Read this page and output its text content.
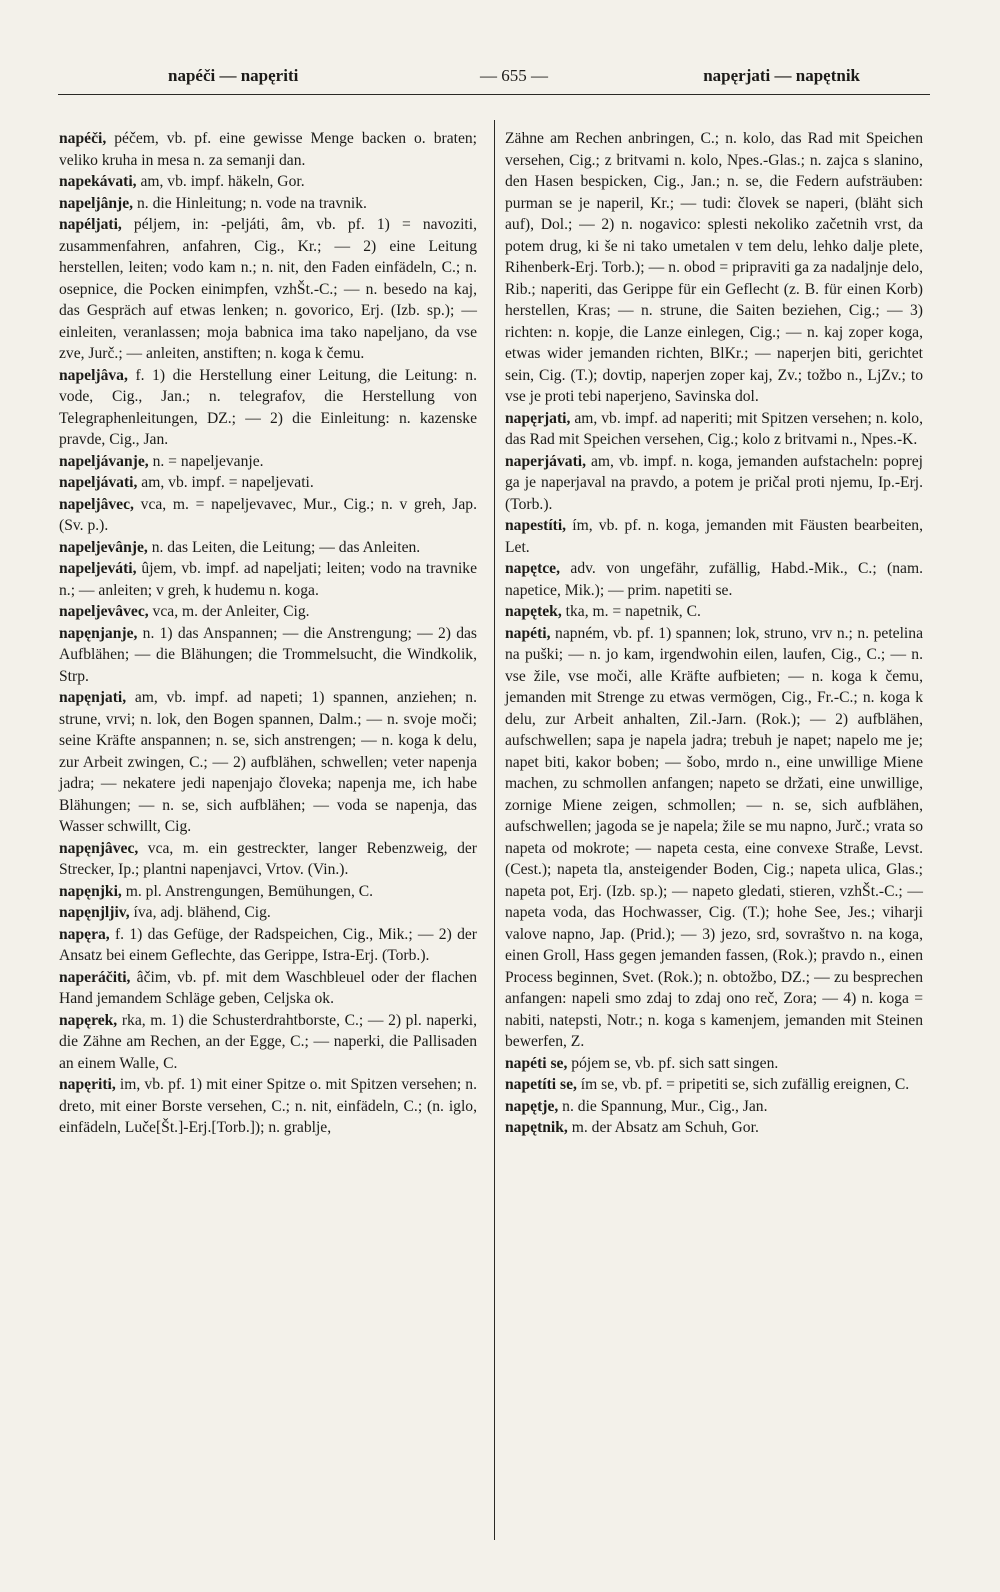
napéči — napęriti	— 655 —	napęrjati — napętnik

napéči, péčem, vb. pf. eine gewisse Menge backen o. braten; veliko kruha in mesa n. za semanji dan.

napekávati, am, vb. impf. häkeln, Gor.

napeljânje, n. die Hinleitung; n. vode na travnik.

napéljati, péljem, in: -peljáti, âm, vb. pf. 1) = navoziti, zusammenfahren, anfahren, Cig., Kr.; — 2) eine Leitung herstellen, leiten; vodo kam n.; n. nit, den Faden einfädeln, C.; n. osepnice, die Pocken einimpfen, vzhŠt.-C.; — n. besedo na kaj, das Gespräch auf etwas lenken; n. govorico, Erj. (Izb. sp.); — einleiten, veranlassen; moja babnica ima tako napeljano, da vse zve, Jurč.; — anleiten, anstiften; n. koga k čemu.

napeljâva, f. 1) die Herstellung einer Leitung, die Leitung: n. vode, Cig., Jan.; n. telegrafov, die Herstellung von Telegraphenleitungen, DZ.; — 2) die Einleitung: n. kazenske pravde, Cig., Jan.

napeljávanje, n. = napeljevanje.

napeljávati, am, vb. impf. = napeljevati.

napeljâvec, vca, m. = napeljevavec, Mur., Cig.; n. v greh, Jap. (Sv. p.).

napeljevânje, n. das Leiten, die Leitung; — das Anleiten.

napeljeváti, ûjem, vb. impf. ad napeljati; leiten; vodo na travnike n.; — anleiten; v greh, k hudemu n. koga.

napeljevâvec, vca, m. der Anleiter, Cig.

napęnjanje, n. 1) das Anspannen; — die Anstrengung; — 2) das Aufblähen; — die Blähungen; die Trommelsucht, die Windkolik, Strp.

napęnjati, am, vb. impf. ad napeti; 1) spannen, anziehen; n. strune, vrvi; n. lok, den Bogen spannen, Dalm.; — n. svoje moči; seine Kräfte anspannen; n. se, sich anstrengen; — n. koga k delu, zur Arbeit zwingen, C.; — 2) aufblähen, schwellen; veter napenja jadra; — nekatere jedi napenjajo človeka; napenja me, ich habe Blähungen; — n. se, sich aufblähen; — voda se napenja, das Wasser schwillt, Cig.

napęnjâvec, vca, m. ein gestreckter, langer Rebenzweig, der Strecker, Ip.; plantni napenjavci, Vrtov. (Vin.).

napęnjki, m. pl. Anstrengungen, Bemühungen, C.

napęnjljiv, íva, adj. blähend, Cig.

napęra, f. 1) das Gefüge, der Radspeichen, Cig., Mik.; — 2) der Ansatz bei einem Geflechte, das Gerippe, Istra-Erj. (Torb.).

naperáčiti, âčim, vb. pf. mit dem Waschbleuel oder der flachen Hand jemandem Schläge geben, Celjska ok.

napęrek, rka, m. 1) die Schusterdrahtborste, C.; — 2) pl. naperki, die Zähne am Rechen, an der Egge, C.; — naperki, die Pallisaden an einem Walle, C.

napęriti, im, vb. pf. 1) mit einer Spitze o. mit Spitzen versehen; n. dreto, mit einer Borste versehen, C.; n. nit, einfädeln, C.; (n. iglo, einfädeln, Luče[Št.]-Erj.[Torb.]); n. grablje,

Zähne am Rechen anbringen, C.; n. kolo, das Rad mit Speichen versehen, Cig.; z britvami n. kolo, Npes.-Glas.; n. zajca s slanino, den Hasen bespicken, Cig., Jan.; n. se, die Federn aufsträuben: purman se je naperil, Kr.; — tudi: človek se naperi, (bläht sich auf), Dol.; — 2) n. nogavico: splesti nekoliko začetnih vrst, da potem drug, ki še ni tako umetalen v tem delu, lehko dalje plete, Rihenberk-Erj. Torb.); — n. obod = pripraviti ga za nadaljnje delo, Rib.; naperiti, das Gerippe für ein Geflecht (z. B. für einen Korb) herstellen, Kras; — n. strune, die Saiten beziehen, Cig.; — 3) richten: n. kopje, die Lanze einlegen, Cig.; — n. kaj zoper koga, etwas wider jemanden richten, BlKr.; — naperjen biti, gerichtet sein, Cig. (T.); dovtip, naperjen zoper kaj, Zv.; tožbo n., LjZv.; to vse je proti tebi naperjeno, Savinska dol.

napęrjati, am, vb. impf. ad naperiti; mit Spitzen versehen; n. kolo, das Rad mit Speichen versehen, Cig.; kolo z britvami n., Npes.-K.

naperjávati, am, vb. impf. n. koga, jemanden aufstacheln: poprej ga je naperjaval na pravdo, a potem je pričal proti njemu, Ip.-Erj. (Torb.).

napestíti, ím, vb. pf. n. koga, jemanden mit Fäusten bearbeiten, Let.

napętce, adv. von ungefähr, zufällig, Habd.-Mik., C.; (nam. napetice, Mik.); — prim. napetiti se.

napętek, tka, m. = napetnik, C.

napéti, napném, vb. pf. 1) spannen; lok, struno, vrv n.; n. petelina na puški; — n. jo kam, irgendwohin eilen, laufen, Cig., C.; — n. vse žile, vse moči, alle Kräfte aufbieten; — n. koga k čemu, jemanden mit Strenge zu etwas vermögen, Cig., Fr.-C.; n. koga k delu, zur Arbeit anhalten, Zil.-Jarn. (Rok.); — 2) aufblähen, aufschwellen; sapa je napela jadra; trebuh je napet; napelo me je; napet biti, kakor boben; — šobo, mrdo n., eine unwillige Miene machen, zu schmollen anfangen; napeto se držati, eine unwillige, zornige Miene zeigen, schmollen; — n. se, sich aufblähen, aufschwellen; jagoda se je napela; žile se mu napno, Jurč.; vrata so napeta od mokrote; — napeta cesta, eine convexe Straße, Levst. (Cest.); napeta tla, ansteigender Boden, Cig.; napeta ulica, Glas.; napeta pot, Erj. (Izb. sp.); — napeto gledati, stieren, vzhŠt.-C.; — napeta voda, das Hochwasser, Cig. (T.); hohe See, Jes.; viharji valove napno, Jap. (Prid.); — 3) jezo, srd, sovraštvo n. na koga, einen Groll, Hass gegen jemanden fassen, (Rok.); pravdo n., einen Process beginnen, Svet. (Rok.); n. obtožbo, DZ.; — zu besprechen anfangen: napeli smo zdaj to zdaj ono reč, Zora; — 4) n. koga = nabiti, natepsti, Notr.; n. koga s kamenjem, jemanden mit Steinen bewerfen, Z.

napéti se, pójem se, vb. pf. sich satt singen.

napetíti se, ím se, vb. pf. = pripetiti se, sich zufällig ereignen, C.

napętje, n. die Spannung, Mur., Cig., Jan.

napętnik, m. der Absatz am Schuh, Gor.
